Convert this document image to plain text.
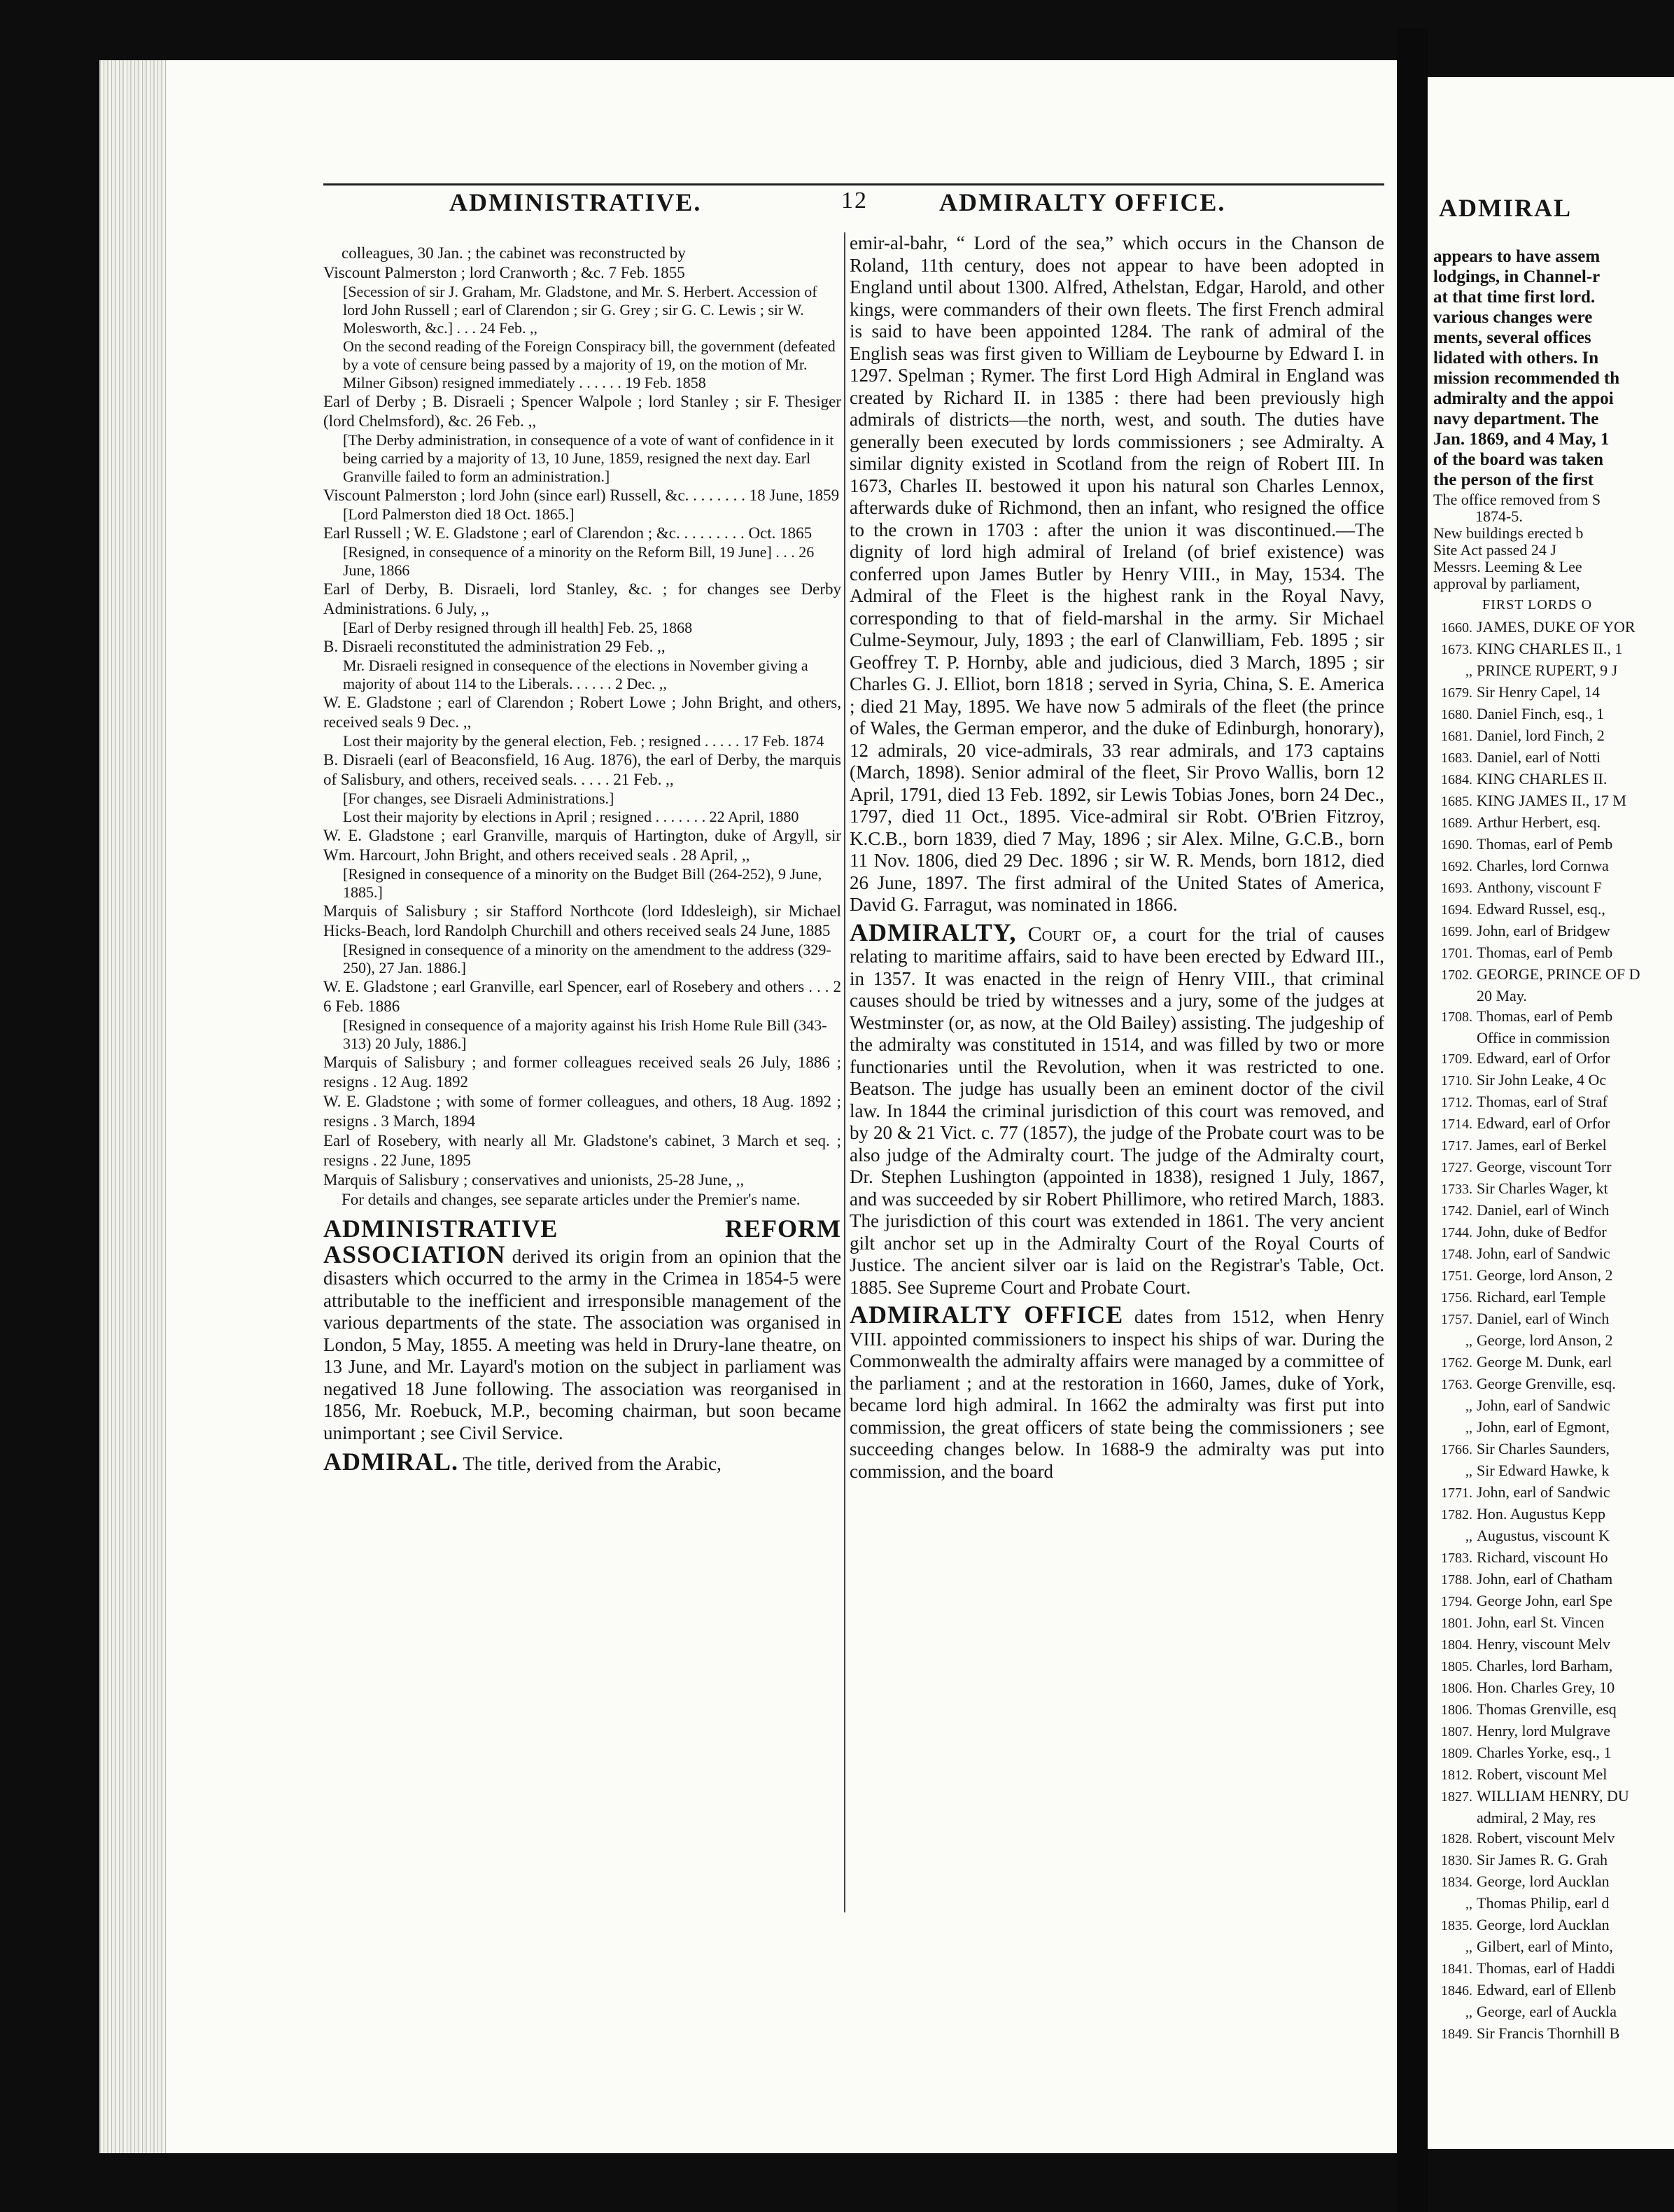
ADMINISTRATIVE.	12	ADMIRALTY OFFICE.	ADMIRAL

colleagues, 30 Jan. ; the cabinet was reconstructed by

Viscount Palmerston ; lord Cranworth ; &c. 7 Feb. 1855

[Secession of sir J. Graham, Mr. Gladstone, and Mr. S. Herbert. Accession of lord John Russell ; earl of Clarendon ; sir G. Grey ; sir G. C. Lewis ; sir W. Molesworth, &c.] . . . 24 Feb. ,,

On the second reading of the Foreign Conspiracy bill, the government (defeated by a vote of censure being passed by a majority of 19, on the motion of Mr. Milner Gibson) resigned immediately . . . . . . 19 Feb. 1858

Earl of Derby ; B. Disraeli ; Spencer Walpole ; lord Stanley ; sir F. Thesiger (lord Chelmsford), &c. 26 Feb. ,,

[The Derby administration, in consequence of a vote of want of confidence in it being carried by a majority of 13, 10 June, 1859, resigned the next day. Earl Granville failed to form an administration.]

Viscount Palmerston ; lord John (since earl) Russell, &c. . . . . . . . 18 June, 1859

[Lord Palmerston died 18 Oct. 1865.]

Earl Russell ; W. E. Gladstone ; earl of Clarendon ; &c. . . . . . . . . Oct. 1865

[Resigned, in consequence of a minority on the Reform Bill, 19 June] . . . 26 June, 1866

Earl of Derby, B. Disraeli, lord Stanley, &c. ; for changes see Derby Administrations. 6 July, ,,

[Earl of Derby resigned through ill health] Feb. 25, 1868

B. Disraeli reconstituted the administration 29 Feb. ,,

Mr. Disraeli resigned in consequence of the elections in November giving a majority of about 114 to the Liberals. . . . . . 2 Dec. ,,

W. E. Gladstone ; earl of Clarendon ; Robert Lowe ; John Bright, and others, received seals 9 Dec. ,,

Lost their majority by the general election, Feb. ; resigned . . . . . 17 Feb. 1874

B. Disraeli (earl of Beaconsfield, 16 Aug. 1876), the earl of Derby, the marquis of Salisbury, and others, received seals. . . . . 21 Feb. ,,

[For changes, see Disraeli Administrations.]

Lost their majority by elections in April ; resigned . . . . . . . 22 April, 1880

W. E. Gladstone ; earl Granville, marquis of Hartington, duke of Argyll, sir Wm. Harcourt, John Bright, and others received seals . 28 April, ,,

[Resigned in consequence of a minority on the Budget Bill (264-252), 9 June, 1885.]

Marquis of Salisbury ; sir Stafford Northcote (lord Iddesleigh), sir Michael Hicks-Beach, lord Randolph Churchill and others received seals 24 June, 1885

[Resigned in consequence of a minority on the amendment to the address (329-250), 27 Jan. 1886.]

W. E. Gladstone ; earl Granville, earl Spencer, earl of Rosebery and others . . . 2 6 Feb. 1886

[Resigned in consequence of a majority against his Irish Home Rule Bill (343-313) 20 July, 1886.]

Marquis of Salisbury ; and former colleagues received seals 26 July, 1886 ; resigns . 12 Aug. 1892

W. E. Gladstone ; with some of former colleagues, and others, 18 Aug. 1892 ; resigns . 3 March, 1894

Earl of Rosebery, with nearly all Mr. Gladstone's cabinet, 3 March et seq. ; resigns . 22 June, 1895

Marquis of Salisbury ; conservatives and unionists, 25-28 June, ,,

For details and changes, see separate articles under the Premier's name.

ADMINISTRATIVE REFORM ASSOCIATION derived its origin from an opinion that the disasters which occurred to the army in the Crimea in 1854-5 were attributable to the inefficient and irresponsible management of the various departments of the state. The association was organised in London, 5 May, 1855. A meeting was held in Drury-lane theatre, on 13 June, and Mr. Layard's motion on the subject in parliament was negatived 18 June following. The association was reorganised in 1856, Mr. Roebuck, M.P., becoming chairman, but soon became unimportant ; see Civil Service.

ADMIRAL. The title, derived from the Arabic,

emir-al-bahr, “ Lord of the sea,” which occurs in the Chanson de Roland, 11th century, does not appear to have been adopted in England until about 1300. Alfred, Athelstan, Edgar, Harold, and other kings, were commanders of their own fleets. The first French admiral is said to have been appointed 1284. The rank of admiral of the English seas was first given to William de Leybourne by Edward I. in 1297. Spelman ; Rymer. The first Lord High Admiral in England was created by Richard II. in 1385 : there had been previously high admirals of districts—the north, west, and south. The duties have generally been executed by lords commissioners ; see Admiralty. A similar dignity existed in Scotland from the reign of Robert III. In 1673, Charles II. bestowed it upon his natural son Charles Lennox, afterwards duke of Richmond, then an infant, who resigned the office to the crown in 1703 : after the union it was discontinued.—The dignity of lord high admiral of Ireland (of brief existence) was conferred upon James Butler by Henry VIII., in May, 1534. The Admiral of the Fleet is the highest rank in the Royal Navy, corresponding to that of field-marshal in the army. Sir Michael Culme-Seymour, July, 1893 ; the earl of Clanwilliam, Feb. 1895 ; sir Geoffrey T. P. Hornby, able and judicious, died 3 March, 1895 ; sir Charles G. J. Elliot, born 1818 ; served in Syria, China, S. E. America ; died 21 May, 1895. We have now 5 admirals of the fleet (the prince of Wales, the German emperor, and the duke of Edinburgh, honorary), 12 admirals, 20 vice-admirals, 33 rear admirals, and 173 captains (March, 1898). Senior admiral of the fleet, Sir Provo Wallis, born 12 April, 1791, died 13 Feb. 1892, sir Lewis Tobias Jones, born 24 Dec., 1797, died 11 Oct., 1895. Vice-admiral sir Robt. O'Brien Fitzroy, K.C.B., born 1839, died 7 May, 1896 ; sir Alex. Milne, G.C.B., born 11 Nov. 1806, died 29 Dec. 1896 ; sir W. R. Mends, born 1812, died 26 June, 1897. The first admiral of the United States of America, David G. Farragut, was nominated in 1866.

ADMIRALTY, Court of, a court for the trial of causes relating to maritime affairs, said to have been erected by Edward III., in 1357. It was enacted in the reign of Henry VIII., that criminal causes should be tried by witnesses and a jury, some of the judges at Westminster (or, as now, at the Old Bailey) assisting. The judgeship of the admiralty was constituted in 1514, and was filled by two or more functionaries until the Revolution, when it was restricted to one. Beatson. The judge has usually been an eminent doctor of the civil law. In 1844 the criminal jurisdiction of this court was removed, and by 20 & 21 Vict. c. 77 (1857), the judge of the Probate court was to be also judge of the Admiralty court. The judge of the Admiralty court, Dr. Stephen Lushington (appointed in 1838), resigned 1 July, 1867, and was succeeded by sir Robert Phillimore, who retired March, 1883. The jurisdiction of this court was extended in 1861. The very ancient gilt anchor set up in the Admiralty Court of the Royal Courts of Justice. The ancient silver oar is laid on the Registrar's Table, Oct. 1885. See Supreme Court and Probate Court.

ADMIRALTY OFFICE dates from 1512, when Henry VIII. appointed commissioners to inspect his ships of war. During the Commonwealth the admiralty affairs were managed by a committee of the parliament ; and at the restoration in 1660, James, duke of York, became lord high admiral. In 1662 the admiralty was first put into commission, the great officers of state being the commissioners ; see succeeding changes below. In 1688-9 the admiralty was put into commission, and the board

appears to have assem
lodgings, in Channel-r
at that time first lord.
various changes were
ments, several offices
lidated with others. In
mission recommended th
admiralty and the appoi
navy department. The
Jan. 1869, and 4 May, 1
of the board was taken
the person of the first
The office removed from S
1874-5.
New buildings erected b
Site Act passed 24 J
Messrs. Leeming & Lee
approval by parliament,
FIRST LORDS O
1660. JAMES, DUKE OF YOR
1673. KING CHARLES II., 1
,, PRINCE RUPERT, 9 J
1679. Sir Henry Capel, 14
1680. Daniel Finch, esq., 1
1681. Daniel, lord Finch, 2
1683. Daniel, earl of Notti
1684. KING CHARLES II.
1685. KING JAMES II., 17 M
1689. Arthur Herbert, esq.
1690. Thomas, earl of Pemb
1692. Charles, lord Cornwa
1693. Anthony, viscount F
1694. Edward Russel, esq.,
1699. John, earl of Bridgew
1701. Thomas, earl of Pemb
1702. GEORGE, PRINCE OF D
20 May.
1708. Thomas, earl of Pemb
Office in commission
1709. Edward, earl of Orfor
1710. Sir John Leake, 4 Oc
1712. Thomas, earl of Straf
1714. Edward, earl of Orfor
1717. James, earl of Berkel
1727. George, viscount Torr
1733. Sir Charles Wager, kt
1742. Daniel, earl of Winch
1744. John, duke of Bedfor
1748. John, earl of Sandwic
1751. George, lord Anson, 2
1756. Richard, earl Temple
1757. Daniel, earl of Winch
,, George, lord Anson, 2
1762. George M. Dunk, earl
1763. George Grenville, esq.
,, John, earl of Sandwic
,, John, earl of Egmont,
1766. Sir Charles Saunders,
,, Sir Edward Hawke, k
1771. John, earl of Sandwic
1782. Hon. Augustus Kepp
,, Augustus, viscount K
1783. Richard, viscount Ho
1788. John, earl of Chatham
1794. George John, earl Spe
1801. John, earl St. Vincen
1804. Henry, viscount Melv
1805. Charles, lord Barham,
1806. Hon. Charles Grey, 10
1806. Thomas Grenville, esq
1807. Henry, lord Mulgrave
1809. Charles Yorke, esq., 1
1812. Robert, viscount Mel
1827. WILLIAM HENRY, DU
admiral, 2 May, res
1828. Robert, viscount Melv
1830. Sir James R. G. Grah
1834. George, lord Aucklan
,, Thomas Philip, earl d
1835. George, lord Aucklan
,, Gilbert, earl of Minto,
1841. Thomas, earl of Haddi
1846. Edward, earl of Ellenb
,, George, earl of Auckla
1849. Sir Francis Thornhill B
